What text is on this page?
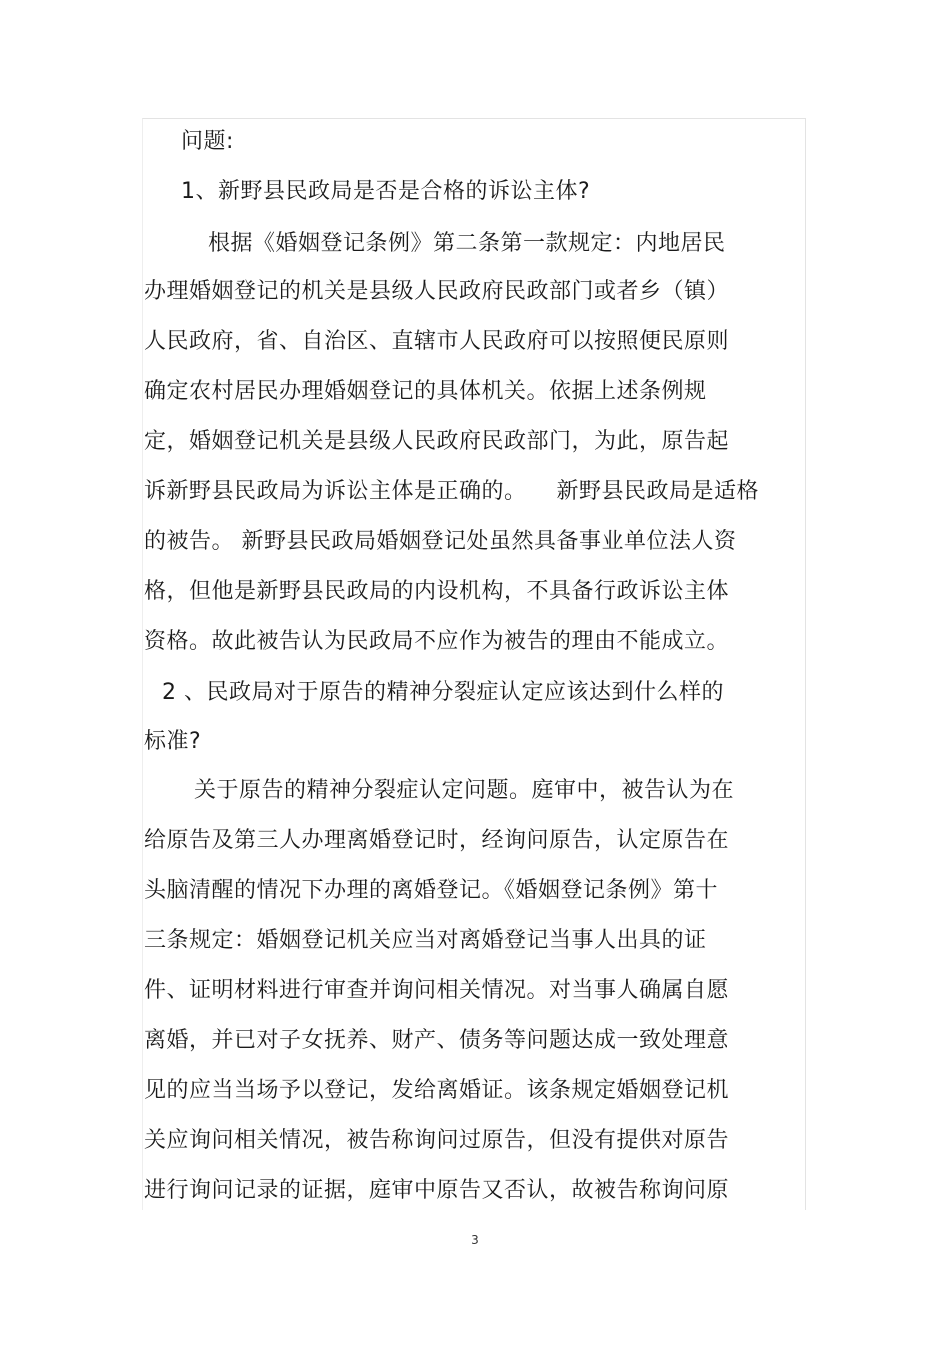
问题:
1、新野县民政局是否是合格的诉讼主体?
根据《婚姻登记条例》第二条第一款规定：内地居民
办理婚姻登记的机关是县级人民政府民政部门或者乡（镇）
人民政府，省、自治区、直辖市人民政府可以按照便民原则
确定农村居民办理婚姻登记的具体机关。依据上述条例规
定，婚姻登记机关是县级人民政府民政部门，为此，原告起
诉新野县民政局为诉讼主体是正确的。    新野县民政局是适格
的被告。 新野县民政局婚姻登记处虽然具备事业单位法人资
格，但他是新野县民政局的内设机构，不具备行政诉讼主体
资格。故此被告认为民政局不应作为被告的理由不能成立。
2 、民政局对于原告的精神分裂症认定应该达到什么样的
标准?
关于原告的精神分裂症认定问题。庭审中，被告认为在
给原告及第三人办理离婚登记时，经询问原告，认定原告在
头脑清醒的情况下办理的离婚登记。《婚姻登记条例》第十
三条规定：婚姻登记机关应当对离婚登记当事人出具的证
件、证明材料进行审查并询问相关情况。对当事人确属自愿
离婚，并已对子女抚养、财产、债务等问题达成一致处理意
见的应当当场予以登记，发给离婚证。该条规定婚姻登记机
关应询问相关情况，被告称询问过原告，但没有提供对原告
进行询问记录的证据，庭审中原告又否认，故被告称询问原
3
